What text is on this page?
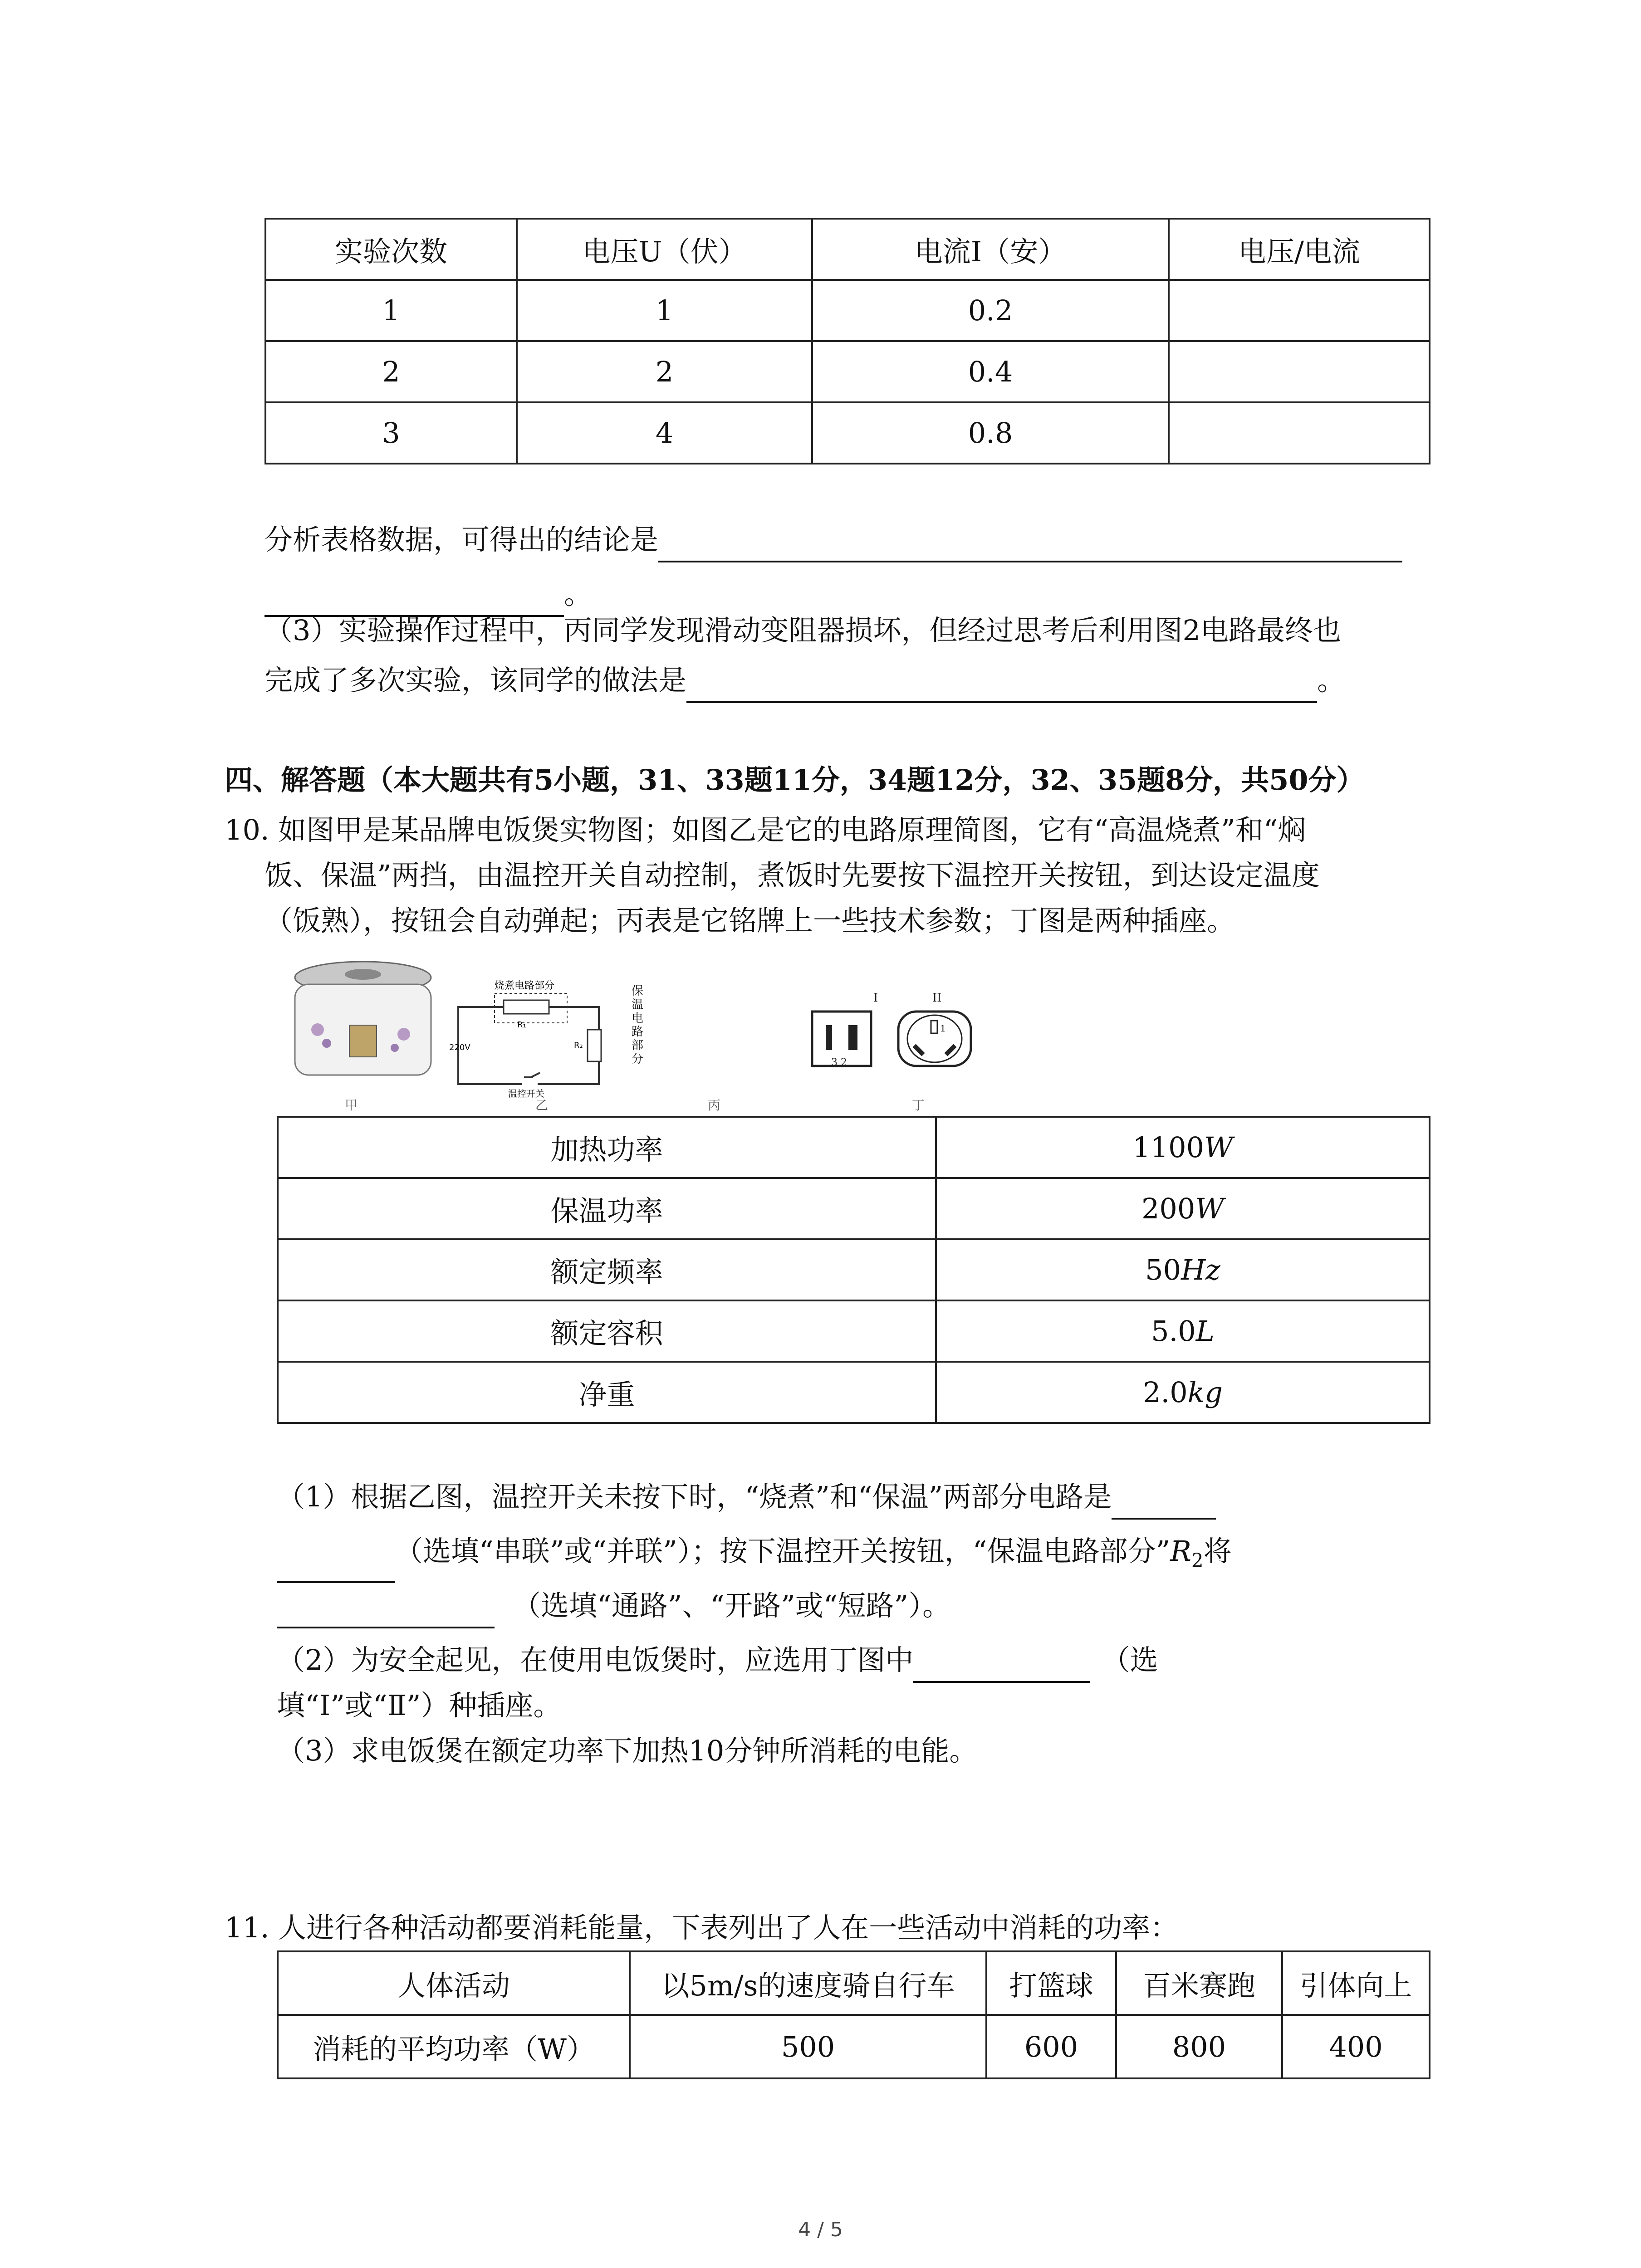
实验次数	电压U（伏）	电流I（安）	电压/电流
1	1	0.2	
2	2	0.4	
3	4	0.8	
分析表格数据，可得出的结论是
。
（3）实验操作过程中，丙同学发现滑动变阻器损坏，但经过思考后利用图2电路最终也
完成了多次实验，该同学的做法是	。
四、解答题（本大题共有5小题，31、33题11分，34题12分，32、35题8分，共50分）
10. 如图甲是某品牌电饭煲实物图；如图乙是它的电路原理简图，它有“高温烧煮”和“焖
饭、保温”两挡，由温控开关自动控制，煮饭时先要按下温控开关按钮，到达设定温度
（饭熟），按钮会自动弹起；丙表是它铭牌上一些技术参数；丁图是两种插座。
甲
烧煮电路部分
R₁
R₂
220V
温控开关
保温电路部分
乙	丙
I	II
3 2
1
丁
加热功率	1100W
保温功率	200W
额定频率	50Hz
额定容积	5.0L
净重	2.0kg
（1）根据乙图，温控开关未按下时，“烧煮”和“保温”两部分电路是
（选填“串联”或“并联”）；按下温控开关按钮，“保温电路部分$”R_2$将
（选填“通路”、“开路”或“短路”）。
（2）为安全起见，在使用电饭煲时，应选用丁图中	（选
填“Ⅰ”或“Ⅱ”）种插座。
（3）求电饭煲在额定功率下加热10分钟所消耗的电能。
11. 人进行各种活动都要消耗能量，下表列出了人在一些活动中消耗的功率：
人体活动	以5m/s的速度骑自行车	打篮球	百米赛跑	引体向上
消耗的平均功率（W）	500	600	800	400
4 / 5
